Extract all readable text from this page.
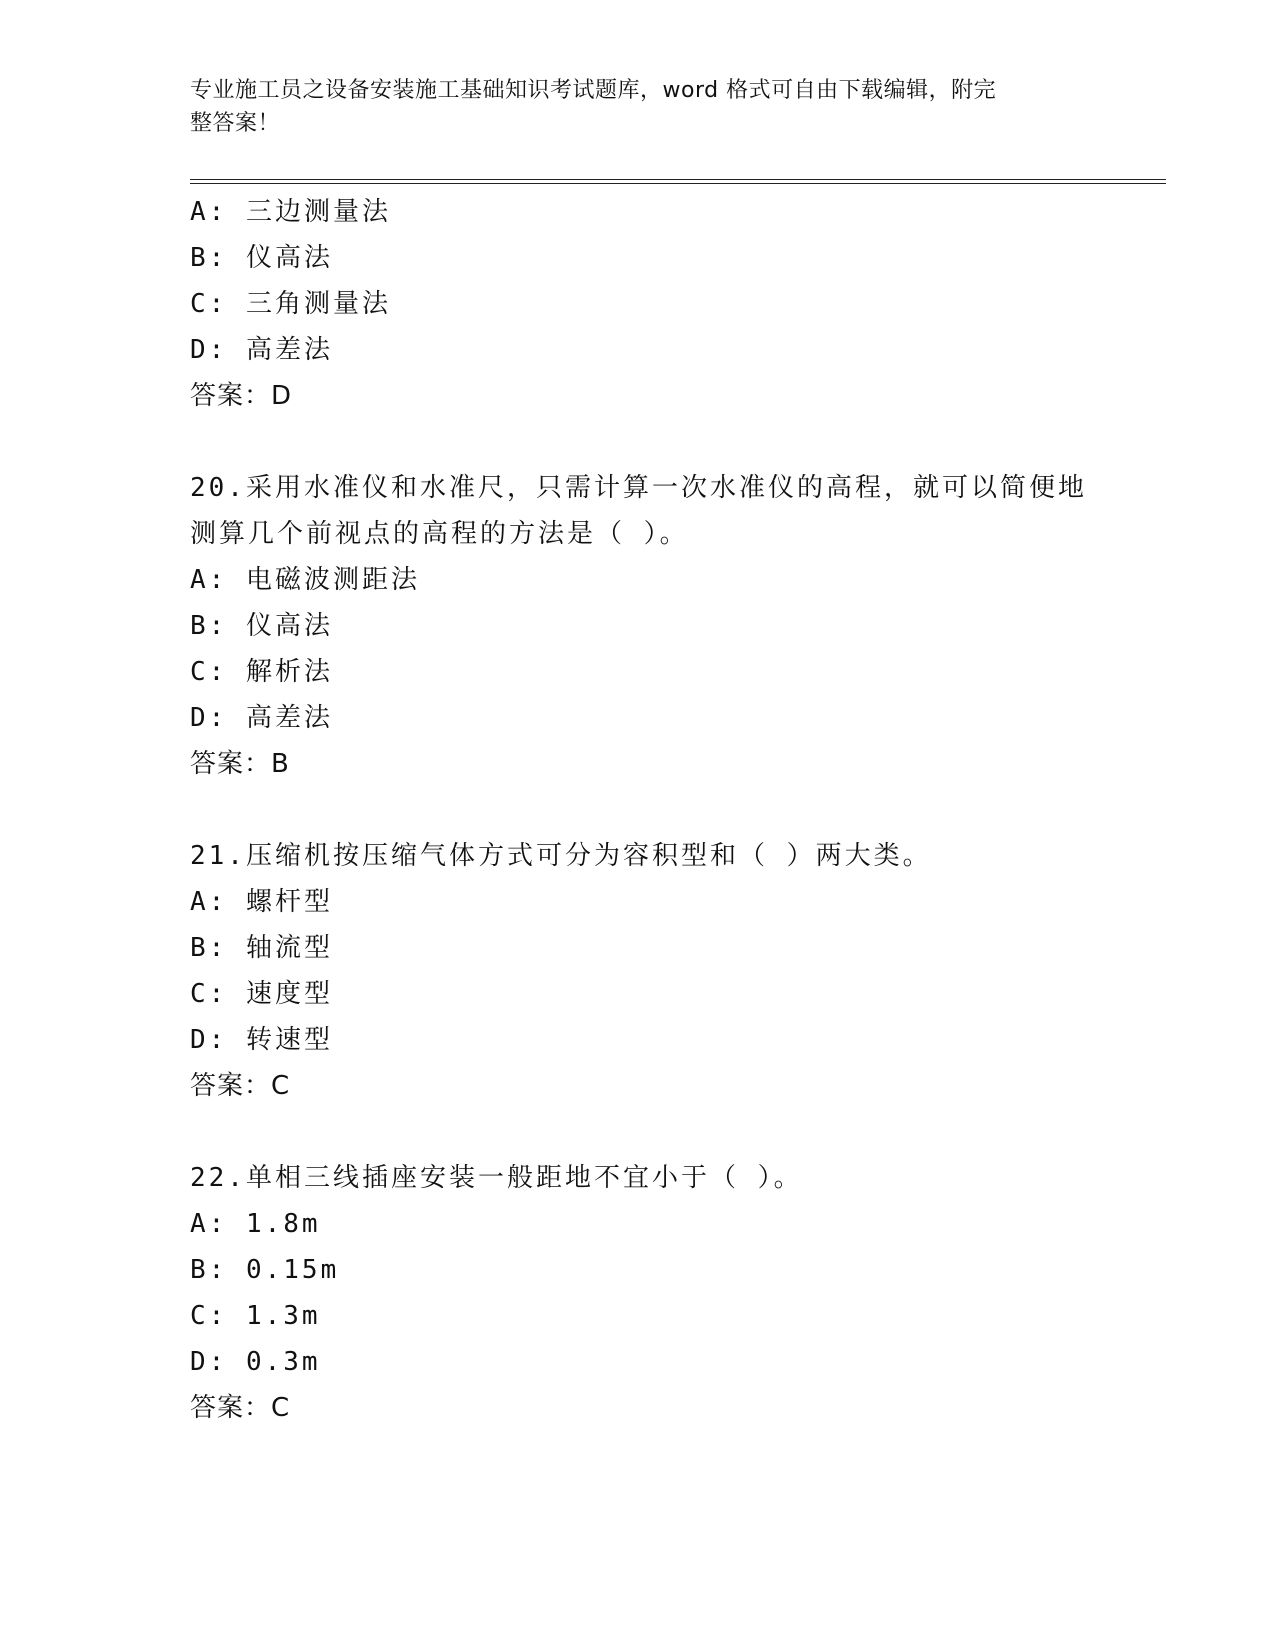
专业施工员之设备安装施工基础知识考试题库，word 格式可自由下载编辑，附完
整答案！
A: 三边测量法
B: 仪高法
C: 三角测量法
D: 高差法
答案：D
20.采用水准仪和水准尺，只需计算一次水准仪的高程，就可以简便地
测算几个前视点的高程的方法是（ ）。
A: 电磁波测距法
B: 仪高法
C: 解析法
D: 高差法
答案：B
21.压缩机按压缩气体方式可分为容积型和（ ）两大类。
A: 螺杆型
B: 轴流型
C: 速度型
D: 转速型
答案：C
22.单相三线插座安装一般距地不宜小于（ ）。
A: 1.8m
B: 0.15m
C: 1.3m
D: 0.3m
答案：C
